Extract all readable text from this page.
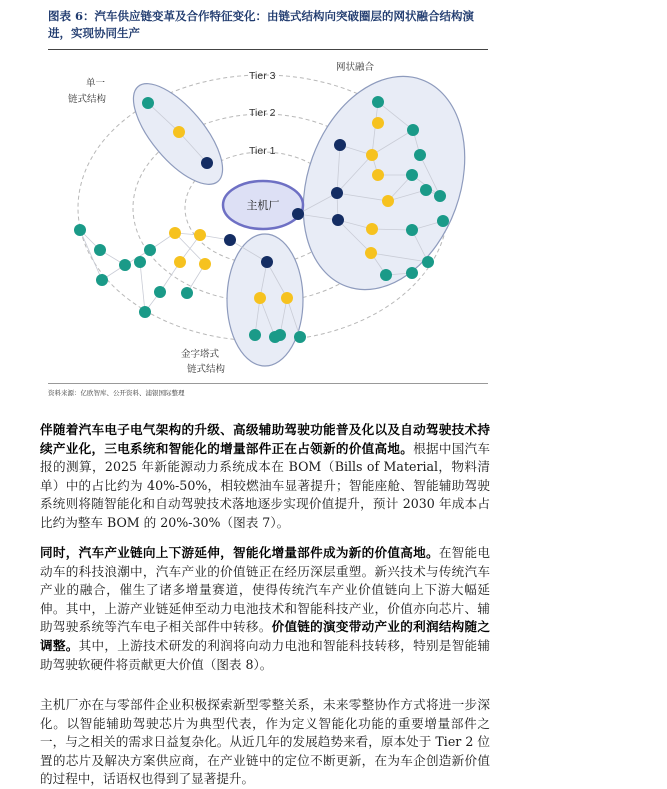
图表 6：汽车供应链变革及合作特征变化：由链式结构向突破圈层的网状融合结构演进，实现协同生产
Tier 3
Tier 2
Tier 1
网状融合
单一
链式结构
金字塔式
链式结构
主机厂
资料来源：亿欧智库、公开资料、浦银国际整理

伴随着汽车电子电气架构的升级、高级辅助驾驶功能普及化以及自动驾驶技术持续产业化，三电系统和智能化的增量部件正在占领新的价值高地。根据中国汽车报的测算，2025 年新能源动力系统成本在 BOM（Bills of Material，物料清单）中的占比约为 40%-50%，相较燃油车显著提升；智能座舱、智能辅助驾驶系统则将随智能化和自动驾驶技术落地逐步实现价值提升，预计 2030 年成本占比约为整车 BOM 的 20%-30%（图表 7）。

同时，汽车产业链向上下游延伸，智能化增量部件成为新的价值高地。在智能电动车的科技浪潮中，汽车产业的价值链正在经历深层重塑。新兴技术与传统汽车产业的融合，催生了诸多增量赛道，使得传统汽车产业价值链向上下游大幅延伸。其中，上游产业链延伸至动力电池技术和智能科技产业，价值亦向芯片、辅助驾驶系统等汽车电子相关部件中转移。价值链的演变带动产业的利润结构随之调整。其中，上游技术研发的利润将向动力电池和智能科技转移，特别是智能辅助驾驶软硬件将贡献更大价值（图表 8）。

主机厂亦在与零部件企业积极探索新型零整关系，未来零整协作方式将进一步深化。以智能辅助驾驶芯片为典型代表，作为定义智能化功能的重要增量部件之一，与之相关的需求日益复杂化。从近几年的发展趋势来看，原本处于 Tier 2 位置的芯片及解决方案供应商，在产业链中的定位不断更新，在为车企创造新价值的过程中，话语权也得到了显著提升。
